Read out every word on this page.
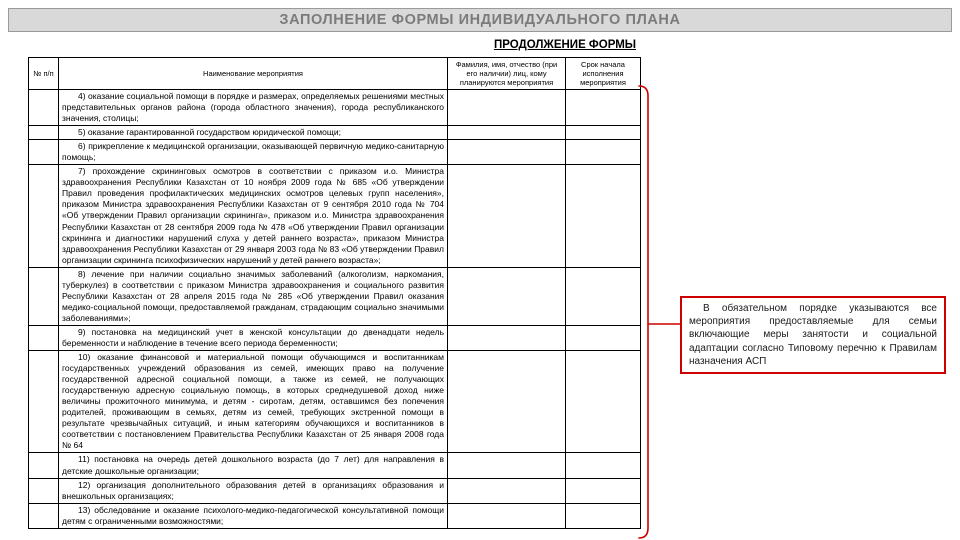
ЗАПОЛНЕНИЕ ФОРМЫ ИНДИВИДУАЛЬНОГО ПЛАНА
ПРОДОЛЖЕНИЕ ФОРМЫ
№ п/п	Наименование мероприятия	Фамилия, имя, отчество (при его наличии) лиц, кому планируются мероприятия	Срок начала исполнения мероприятия
	4) оказание социальной помощи в порядке и размерах, определяемых решениями местных представительных органов района (города областного значения), города республиканского значения, столицы;		
	5) оказание гарантированной государством юридической помощи;		
	6) прикрепление к медицинской организации, оказывающей первичную медико-санитарную помощь;		
	7) прохождение скрининговых осмотров в соответствии с приказом и.о. Министра здравоохранения Республики Казахстан от 10 ноября 2009 года № 685 «Об утверждении Правил проведения профилактических медицинских осмотров целевых групп населения», приказом Министра здравоохранения Республики Казахстан от 9 сентября 2010 года № 704 «Об утверждении Правил организации скрининга», приказом и.о. Министра здравоохранения Республики Казахстан от 28 сентября 2009 года № 478 «Об утверждении Правил организации скрининга и диагностики нарушений слуха у детей раннего возраста», приказом Министра здравоохранения Республики Казахстан от 29 января 2003 года № 83 «Об утверждении Правил организации скрининга психофизических нарушений у детей раннего возраста»;		
	8) лечение при наличии социально значимых заболеваний (алкоголизм, наркомания, туберкулез) в соответствии с приказом Министра здравоохранения и социального развития Республики Казахстан от 28 апреля 2015 года № 285 «Об утверждении Правил оказания медико-социальной помощи, предоставляемой гражданам, страдающим социально значимыми заболеваниями»;		
	9) постановка на медицинский учет в женской консультации до двенадцати недель беременности и наблюдение в течение всего периода беременности;		
	10) оказание финансовой и материальной помощи обучающимся и воспитанникам государственных учреждений образования из семей, имеющих право на получение государственной адресной социальной помощи, а также из семей, не получающих государственную адресную социальную помощь, в которых среднедушевой доход ниже величины прожиточного минимума, и детям - сиротам, детям, оставшимся без попечения родителей, проживающим в семьях, детям из семей, требующих экстренной помощи в результате чрезвычайных ситуаций, и иным категориям обучающихся и воспитанников в соответствии с постановлением Правительства Республики Казахстан от 25 января 2008 года № 64		
	11) постановка на очередь детей дошкольного возраста (до 7 лет) для направления в детские дошкольные организации;		
	12) организация дополнительного образования детей в организациях образования и внешкольных организациях;		
	13) обследование и оказание психолого-медико-педагогической консультативной помощи детям с ограниченными возможностями;		
В обязательном порядке указываются все мероприятия предоставляемые для семьи включающие меры занятости и социальной адаптации согласно Типовому перечню к Правилам назначения АСП
